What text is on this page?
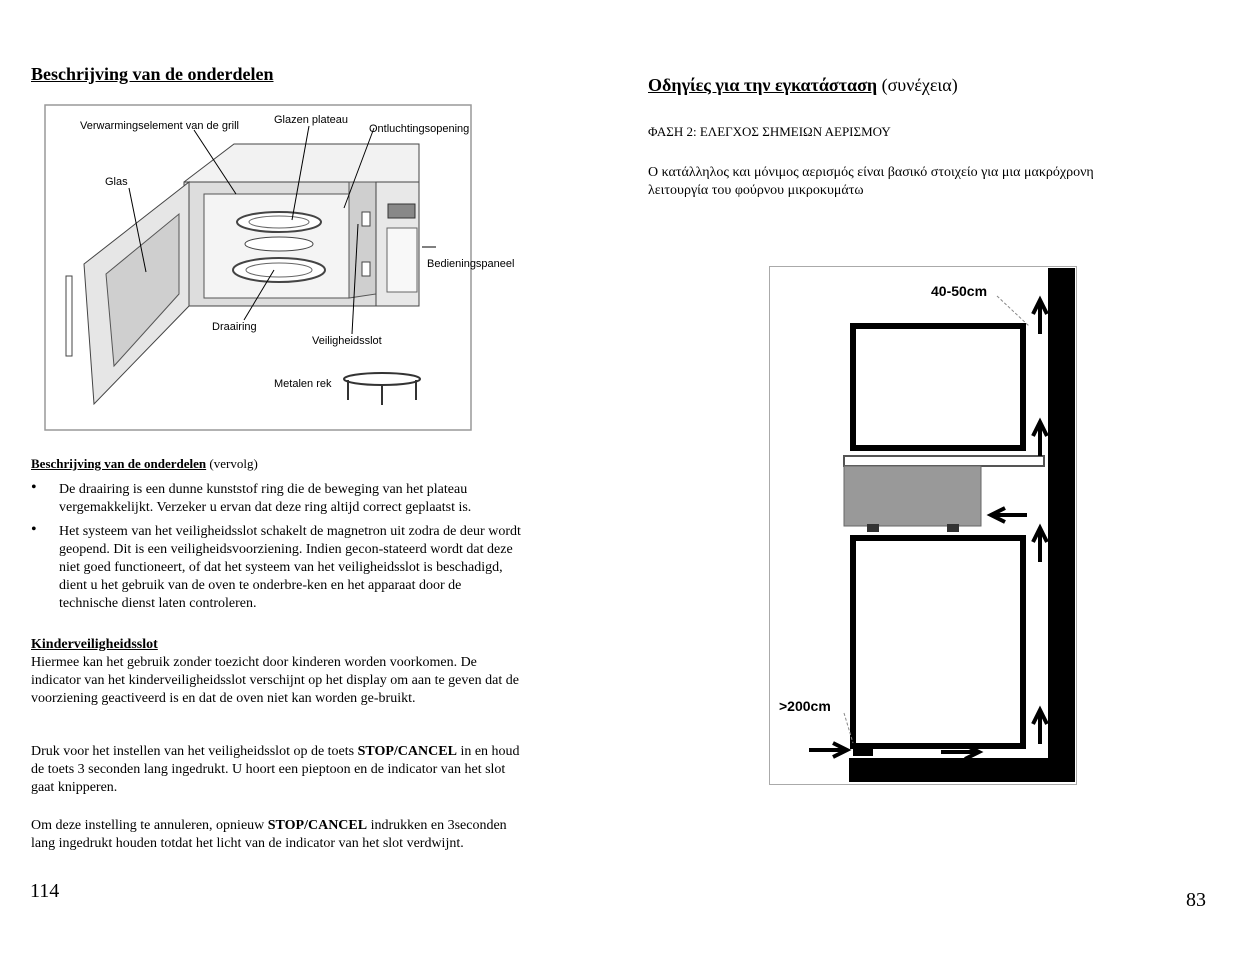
Beschrijving van de onderdelen
Verwarmingselement van de grill	Glazen plateau
Ontluchtingsopening
Glas
Bedieningspaneel
Draairing
Veiligheidsslot
Metalen rek
Beschrijving van de onderdelen (vervolg)
• De draairing is een dunne kunststof ring die de beweging van het plateau vergemakkelijkt. Verzeker u ervan dat deze ring altijd correct geplaatst is.
• Het systeem van het veiligheidsslot schakelt de magnetron uit zodra de deur wordt geopend. Dit is een veiligheidsvoorziening. Indien gecon-stateerd wordt dat deze niet goed functioneert, of dat het systeem van het veiligheidsslot is beschadigd, dient u het gebruik van de oven te onderbre-ken en het apparaat door de technische dienst laten controleren.
Kinderveiligheidsslot
Hiermee kan het gebruik zonder toezicht door kinderen worden voorkomen. De indicator van het kinderveiligheidsslot verschijnt op het display om aan te geven dat de voorziening geactiveerd is en dat de oven niet kan worden ge-bruikt.
Druk voor het instellen van het veiligheidsslot op de toets STOP/CANCEL in en houd de toets 3 seconden lang ingedrukt. U hoort een pieptoon en de indicator van het slot gaat knipperen.
Om deze instelling te annuleren, opnieuw STOP/CANCEL indrukken en 3seconden lang ingedrukt houden totdat het licht van de indicator van het slot verdwijnt.
114
Οδηγίες για την εγκατάσταση (συνέχεια)
ΦΑΣΗ 2: ΕΛΕΓΧΟΣ ΣΗΜΕΙΩΝ ΑΕΡΙΣΜΟΥ
Ο κατάλληλος και μόνιμος αερισμός είναι βασικό στοιχείο για μια μακρόχρονη λειτουργία του φούρνου μικροκυμάτω
40-50cm
>200cm
83
